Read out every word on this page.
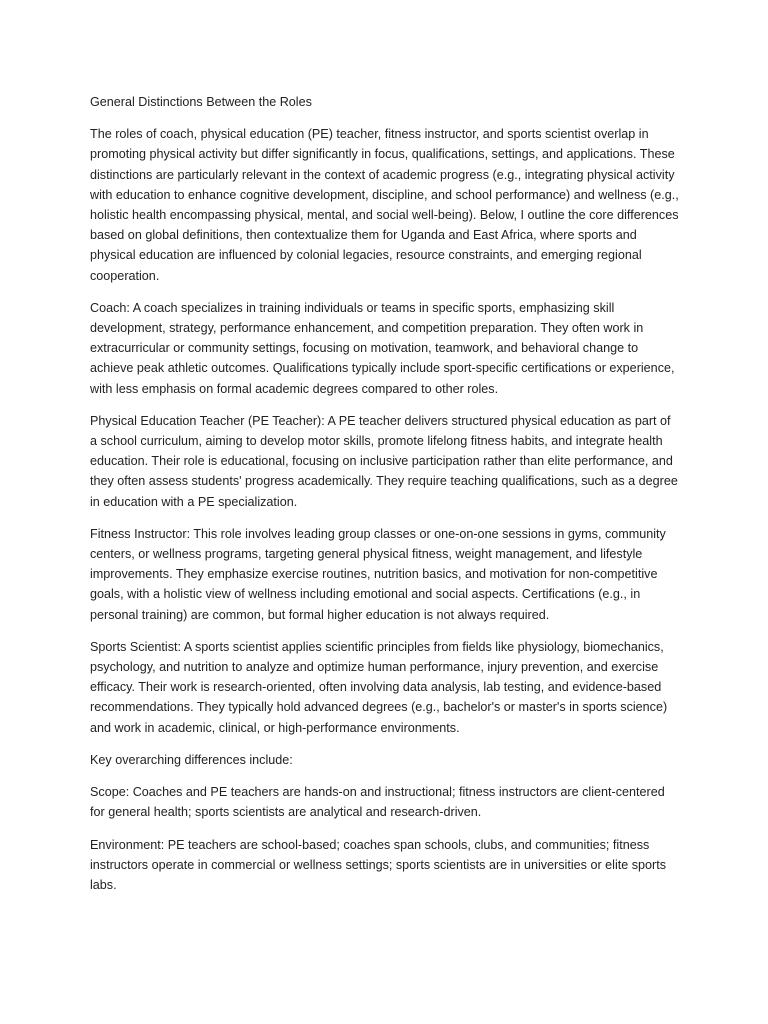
General Distinctions Between the Roles

The roles of coach, physical education (PE) teacher, fitness instructor, and sports scientist overlap in promoting physical activity but differ significantly in focus, qualifications, settings, and applications. These distinctions are particularly relevant in the context of academic progress (e.g., integrating physical activity with education to enhance cognitive development, discipline, and school performance) and wellness (e.g., holistic health encompassing physical, mental, and social well-being). Below, I outline the core differences based on global definitions, then contextualize them for Uganda and East Africa, where sports and physical education are influenced by colonial legacies, resource constraints, and emerging regional cooperation.

Coach: A coach specializes in training individuals or teams in specific sports, emphasizing skill development, strategy, performance enhancement, and competition preparation. They often work in extracurricular or community settings, focusing on motivation, teamwork, and behavioral change to achieve peak athletic outcomes. Qualifications typically include sport-specific certifications or experience, with less emphasis on formal academic degrees compared to other roles.

Physical Education Teacher (PE Teacher): A PE teacher delivers structured physical education as part of a school curriculum, aiming to develop motor skills, promote lifelong fitness habits, and integrate health education. Their role is educational, focusing on inclusive participation rather than elite performance, and they often assess students' progress academically. They require teaching qualifications, such as a degree in education with a PE specialization.

Fitness Instructor: This role involves leading group classes or one-on-one sessions in gyms, community centers, or wellness programs, targeting general physical fitness, weight management, and lifestyle improvements. They emphasize exercise routines, nutrition basics, and motivation for non-competitive goals, with a holistic view of wellness including emotional and social aspects. Certifications (e.g., in personal training) are common, but formal higher education is not always required.

Sports Scientist: A sports scientist applies scientific principles from fields like physiology, biomechanics, psychology, and nutrition to analyze and optimize human performance, injury prevention, and exercise efficacy. Their work is research-oriented, often involving data analysis, lab testing, and evidence-based recommendations. They typically hold advanced degrees (e.g., bachelor's or master's in sports science) and work in academic, clinical, or high-performance environments.

Key overarching differences include:

Scope: Coaches and PE teachers are hands-on and instructional; fitness instructors are client-centered for general health; sports scientists are analytical and research-driven.

Environment: PE teachers are school-based; coaches span schools, clubs, and communities; fitness instructors operate in commercial or wellness settings; sports scientists are in universities or elite sports labs.
